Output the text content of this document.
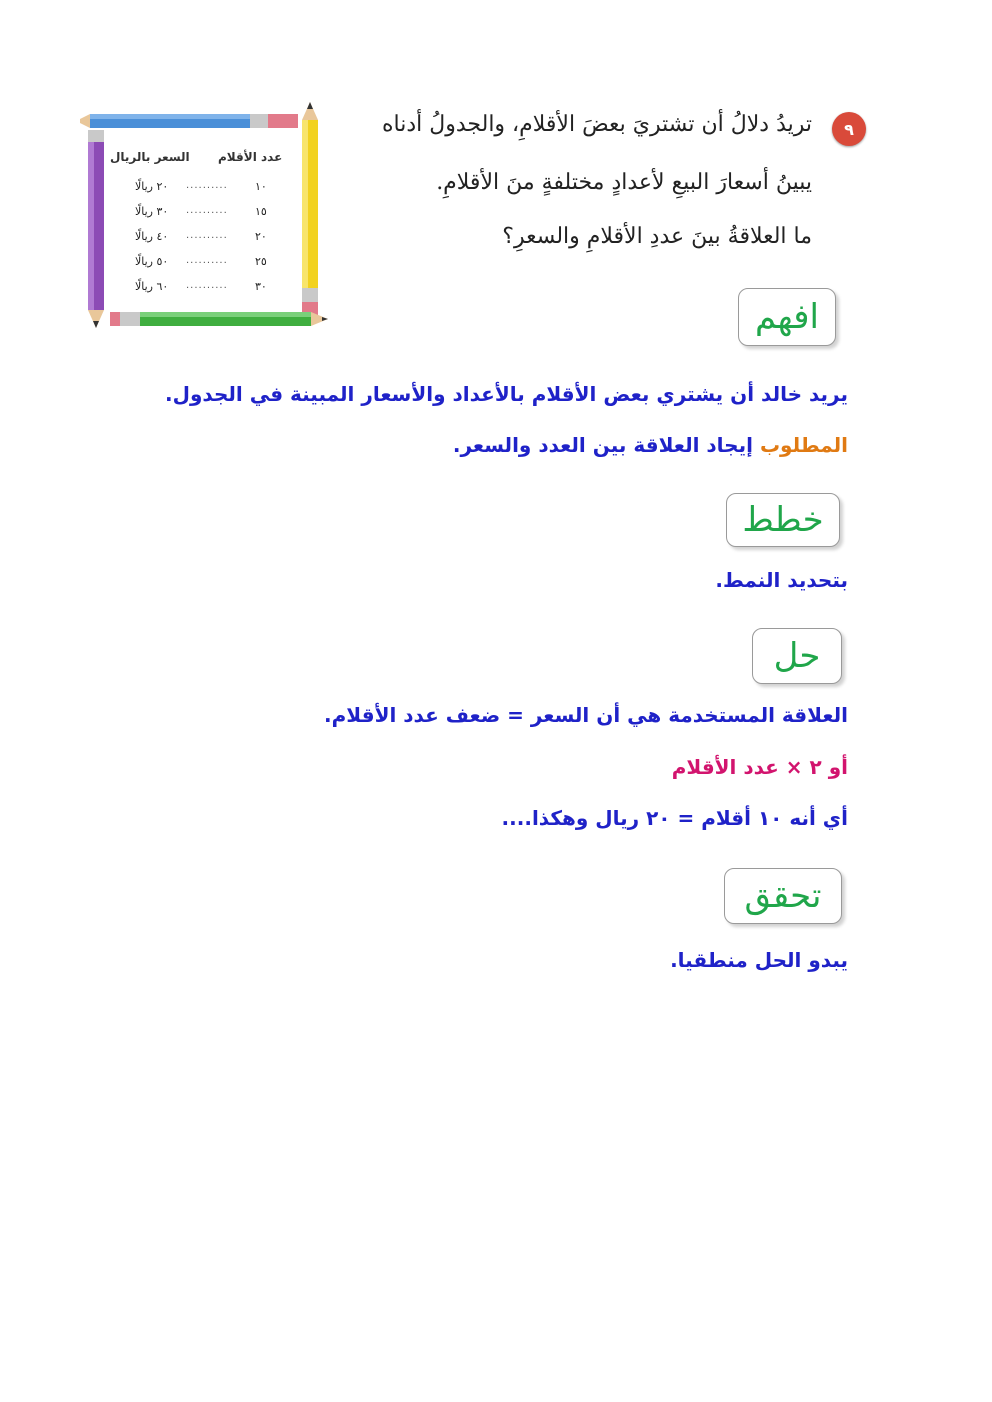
٩
تريدُ دلالُ أن تشتريَ بعضَ الأقلامِ، والجدولُ أدناه
يبينُ أسعارَ البيعِ لأعدادٍ مختلفةٍ منَ الأقلامِ.
ما العلاقةُ بينَ عددِ الأقلامِ والسعرِ؟
عدد الأقلام
السعر بالريال
١٠
..........
٢٠ ريالًا
١٥
..........
٣٠ ريالًا
٢٠
..........
٤٠ ريالًا
٢٥
..........
٥٠ ريالًا
٣٠
..........
٦٠ ريالًا
افهم
يريد خالد أن يشتري بعض الأقلام بالأعداد والأسعار المبينة في الجدول.
المطلوب إيجاد العلاقة بين العدد والسعر.
خطط
بتحديد النمط.
حل
العلاقة المستخدمة هي أن السعر = ضعف عدد الأقلام.
أو ٢ × عدد الأقلام
أي أنه ١٠ أقلام = ٢٠ ريال وهكذا....
تحقق
يبدو الحل منطقيا.
